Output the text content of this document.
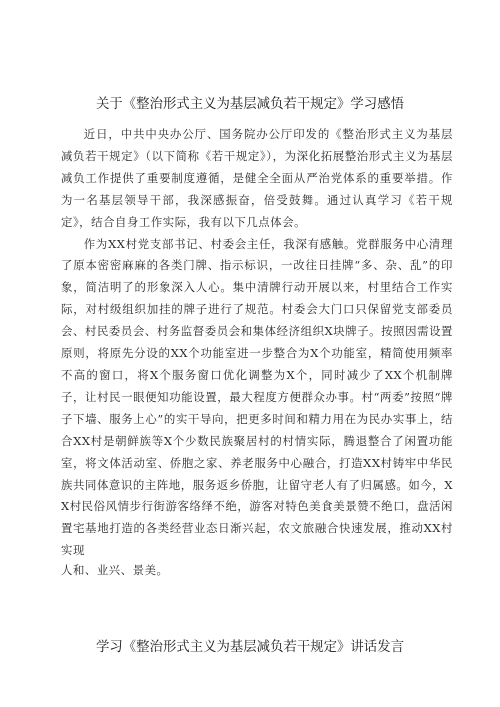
关于《整治形式主义为基层减负若干规定》学习感悟

近日，中共中央办公厅、国务院办公厅印发的《整治形式主义为基层减负若干规定》（以下简称《若干规定》），为深化拓展整治形式主义为基层减负工作提供了重要制度遵循，是健全全面从严治党体系的重要举措。作为一名基层领导干部，我深感振奋，倍受鼓舞。通过认真学习《若干规定》，结合自身工作实际，我有以下几点体会。

作为XX村党支部书记、村委会主任，我深有感触。党群服务中心清理了原本密密麻麻的各类门牌、指示标识，一改往日挂牌“多、杂、乱”的印象，简洁明了的形象深入人心。集中清牌行动开展以来，村里结合工作实际，对村级组织加挂的牌子进行了规范。村委会大门口只保留党支部委员会、村民委员会、村务监督委员会和集体经济组织X块牌子。按照因需设置原则，将原先分设的XX个功能室进一步整合为X个功能室，精简使用频率不高的窗口，将X个服务窗口优化调整为X个，同时减少了XX个机制牌子，让村民一眼便知功能设置，最大程度方便群众办事。村“两委”按照“牌子下墙、服务上心”的实干导向，把更多时间和精力用在为民办实事上，结合XX村是朝鲜族等X个少数民族聚居村的村情实际，腾退整合了闲置功能室，将文体活动室、侨胞之家、养老服务中心融合，打造XX村铸牢中华民族共同体意识的主阵地，服务返乡侨胞，让留守老人有了归属感。如今，XX村民俗风情步行街游客络绎不绝，游客对特色美食美景赞不绝口，盘活闲置宅基地打造的各类经营业态日渐兴起，农文旅融合快速发展，推动XX村实现

人和、业兴、景美。

学习《整治形式主义为基层减负若干规定》讲话发言
